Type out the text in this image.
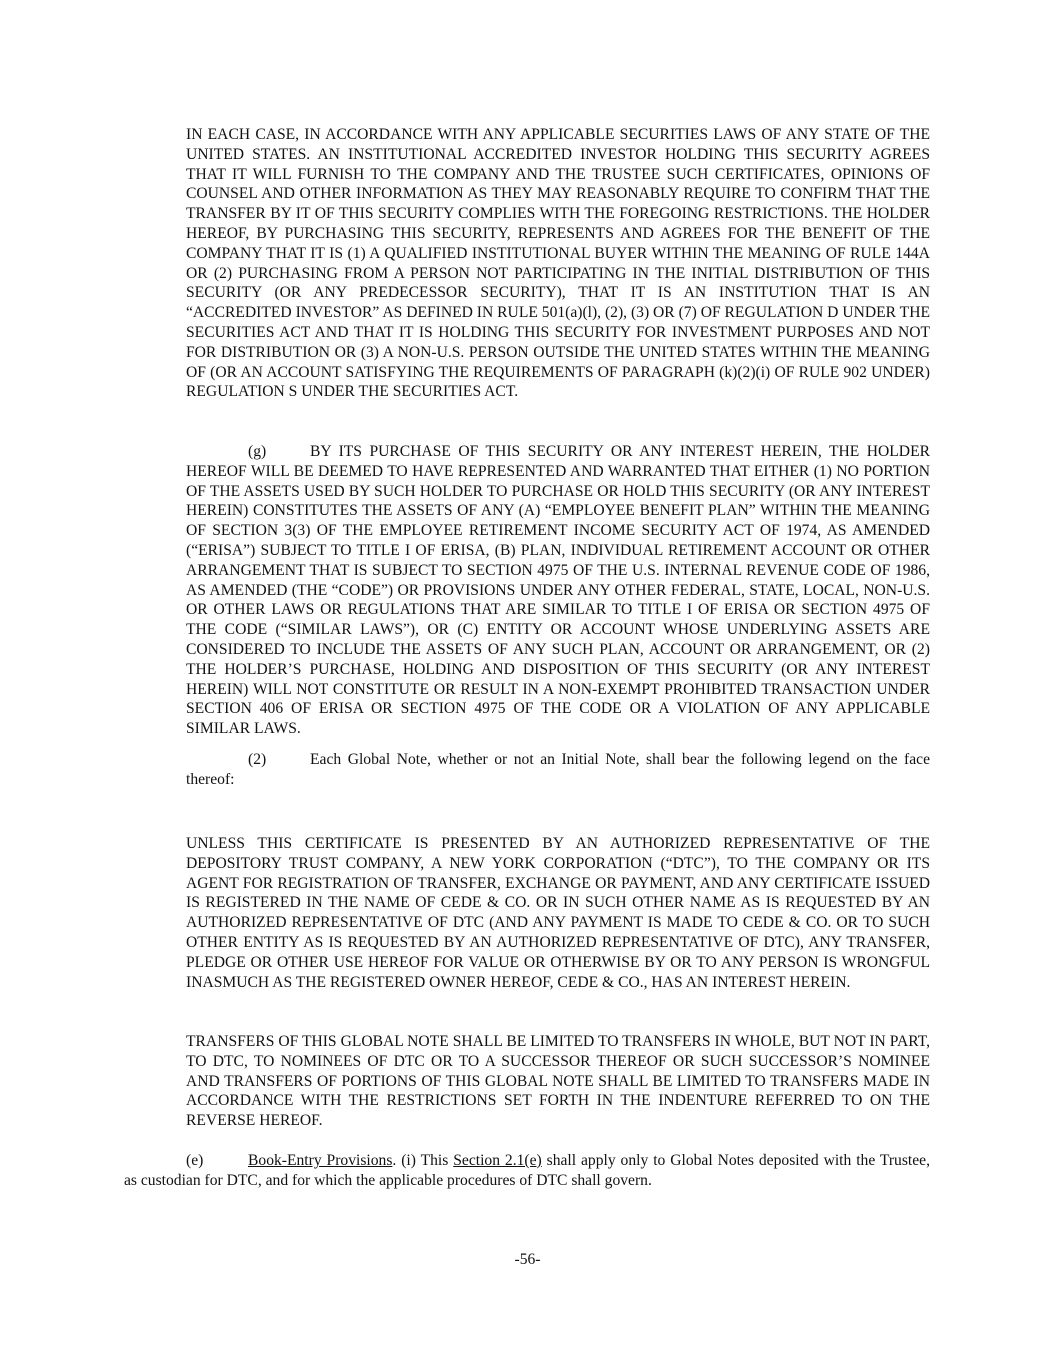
IN EACH CASE, IN ACCORDANCE WITH ANY APPLICABLE SECURITIES LAWS OF ANY STATE OF THE UNITED STATES. AN INSTITUTIONAL ACCREDITED INVESTOR HOLDING THIS SECURITY AGREES THAT IT WILL FURNISH TO THE COMPANY AND THE TRUSTEE SUCH CERTIFICATES, OPINIONS OF COUNSEL AND OTHER INFORMATION AS THEY MAY REASONABLY REQUIRE TO CONFIRM THAT THE TRANSFER BY IT OF THIS SECURITY COMPLIES WITH THE FOREGOING RESTRICTIONS. THE HOLDER HEREOF, BY PURCHASING THIS SECURITY, REPRESENTS AND AGREES FOR THE BENEFIT OF THE COMPANY THAT IT IS (1) A QUALIFIED INSTITUTIONAL BUYER WITHIN THE MEANING OF RULE 144A OR (2) PURCHASING FROM A PERSON NOT PARTICIPATING IN THE INITIAL DISTRIBUTION OF THIS SECURITY (OR ANY PREDECESSOR SECURITY), THAT IT IS AN INSTITUTION THAT IS AN “ACCREDITED INVESTOR” AS DEFINED IN RULE 501(a)(l), (2), (3) OR (7) OF REGULATION D UNDER THE SECURITIES ACT AND THAT IT IS HOLDING THIS SECURITY FOR INVESTMENT PURPOSES AND NOT FOR DISTRIBUTION OR (3) A NON-U.S. PERSON OUTSIDE THE UNITED STATES WITHIN THE MEANING OF (OR AN ACCOUNT SATISFYING THE REQUIREMENTS OF PARAGRAPH (k)(2)(i) OF RULE 902 UNDER) REGULATION S UNDER THE SECURITIES ACT.

(g)	BY ITS PURCHASE OF THIS SECURITY OR ANY INTEREST HEREIN, THE HOLDER HEREOF WILL BE DEEMED TO HAVE REPRESENTED AND WARRANTED THAT EITHER (1) NO PORTION OF THE ASSETS USED BY SUCH HOLDER TO PURCHASE OR HOLD THIS SECURITY (OR ANY INTEREST HEREIN) CONSTITUTES THE ASSETS OF ANY (A) “EMPLOYEE BENEFIT PLAN” WITHIN THE MEANING OF SECTION 3(3) OF THE EMPLOYEE RETIREMENT INCOME SECURITY ACT OF 1974, AS AMENDED (“ERISA”) SUBJECT TO TITLE I OF ERISA, (B) PLAN, INDIVIDUAL RETIREMENT ACCOUNT OR OTHER ARRANGEMENT THAT IS SUBJECT TO SECTION 4975 OF THE U.S. INTERNAL REVENUE CODE OF 1986, AS AMENDED (THE “CODE”) OR PROVISIONS UNDER ANY OTHER FEDERAL, STATE, LOCAL, NON-U.S. OR OTHER LAWS OR REGULATIONS THAT ARE SIMILAR TO TITLE I OF ERISA OR SECTION 4975 OF THE CODE (“SIMILAR LAWS”), OR (C) ENTITY OR ACCOUNT WHOSE UNDERLYING ASSETS ARE CONSIDERED TO INCLUDE THE ASSETS OF ANY SUCH PLAN, ACCOUNT OR ARRANGEMENT, OR (2) THE HOLDER’S PURCHASE, HOLDING AND DISPOSITION OF THIS SECURITY (OR ANY INTEREST HEREIN) WILL NOT CONSTITUTE OR RESULT IN A NON-EXEMPT PROHIBITED TRANSACTION UNDER SECTION 406 OF ERISA OR SECTION 4975 OF THE CODE OR A VIOLATION OF ANY APPLICABLE SIMILAR LAWS.

(2)	Each Global Note, whether or not an Initial Note, shall bear the following legend on the face thereof:

UNLESS THIS CERTIFICATE IS PRESENTED BY AN AUTHORIZED REPRESENTATIVE OF THE DEPOSITORY TRUST COMPANY, A NEW YORK CORPORATION (“DTC”), TO THE COMPANY OR ITS AGENT FOR REGISTRATION OF TRANSFER, EXCHANGE OR PAYMENT, AND ANY CERTIFICATE ISSUED IS REGISTERED IN THE NAME OF CEDE & CO. OR IN SUCH OTHER NAME AS IS REQUESTED BY AN AUTHORIZED REPRESENTATIVE OF DTC (AND ANY PAYMENT IS MADE TO CEDE & CO. OR TO SUCH OTHER ENTITY AS IS REQUESTED BY AN AUTHORIZED REPRESENTATIVE OF DTC), ANY TRANSFER, PLEDGE OR OTHER USE HEREOF FOR VALUE OR OTHERWISE BY OR TO ANY PERSON IS WRONGFUL INASMUCH AS THE REGISTERED OWNER HEREOF, CEDE & CO., HAS AN INTEREST HEREIN.

TRANSFERS OF THIS GLOBAL NOTE SHALL BE LIMITED TO TRANSFERS IN WHOLE, BUT NOT IN PART, TO DTC, TO NOMINEES OF DTC OR TO A SUCCESSOR THEREOF OR SUCH SUCCESSOR’S NOMINEE AND TRANSFERS OF PORTIONS OF THIS GLOBAL NOTE SHALL BE LIMITED TO TRANSFERS MADE IN ACCORDANCE WITH THE RESTRICTIONS SET FORTH IN THE INDENTURE REFERRED TO ON THE REVERSE HEREOF.

(e)	Book-Entry Provisions. (i) This Section 2.1(e) shall apply only to Global Notes deposited with the Trustee, as custodian for DTC, and for which the applicable procedures of DTC shall govern.

-56-
